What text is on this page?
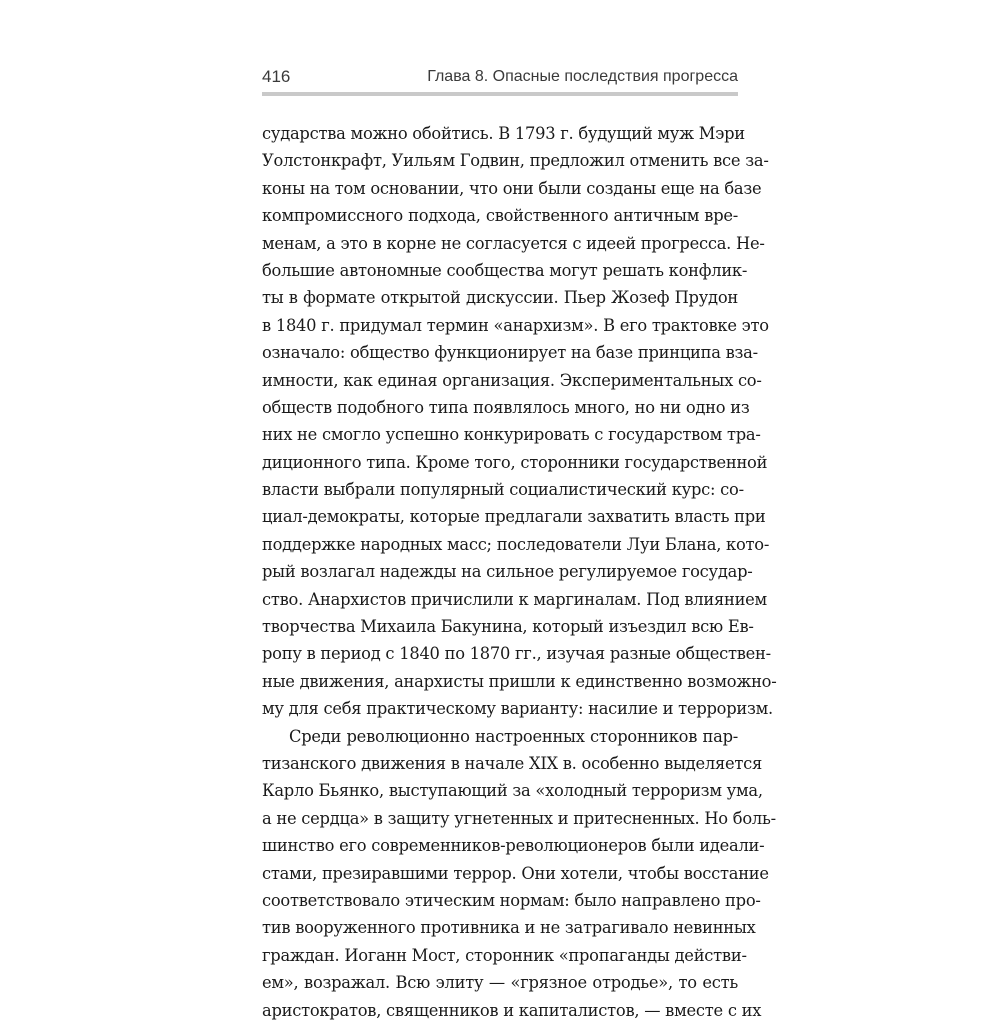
416	Глава 8. Опасные последствия прогресса
сударства можно обойтись. В 1793 г. будущий муж Мэри
Уолстонкрафт, Уильям Годвин, предложил отменить все за-
коны на том основании, что они были созданы еще на базе
компромиссного подхода, свойственного античным вре-
менам, а это в корне не согласуется с идеей прогресса. Не-
большие автономные сообщества могут решать конфлик-
ты в формате открытой дискуссии. Пьер Жозеф Прудон
в 1840 г. придумал термин «анархизм». В его трактовке это
означало: общество функционирует на базе принципа вза-
имности, как единая организация. Экспериментальных со-
обществ подобного типа появлялось много, но ни одно из
них не смогло успешно конкурировать с государством тра-
диционного типа. Кроме того, сторонники государственной
власти выбрали популярный социалистический курс: со-
циал-демократы, которые предлагали захватить власть при
поддержке народных масс; последователи Луи Блана, кото-
рый возлагал надежды на сильное регулируемое государ-
ство. Анархистов причислили к маргиналам. Под влиянием
творчества Михаила Бакунина, который изъездил всю Ев-
ропу в период с 1840 по 1870 гг., изучая разные обществен-
ные движения, анархисты пришли к единственно возможно-
му для себя практическому варианту: насилие и терроризм.
Среди революционно настроенных сторонников пар-
тизанского движения в начале XIX в. особенно выделяется
Карло Бьянко, выступающий за «холодный терроризм ума,
а не сердца» в защиту угнетенных и притесненных. Но боль-
шинство его современников-революционеров были идеали-
стами, презиравшими террор. Они хотели, чтобы восстание
соответствовало этическим нормам: было направлено про-
тив вооруженного противника и не затрагивало невинных
граждан. Иоганн Мост, сторонник «пропаганды действи-
ем», возражал. Всю элиту — «грязное отродье», то есть
аристократов, священников и капиталистов, — вместе с их
